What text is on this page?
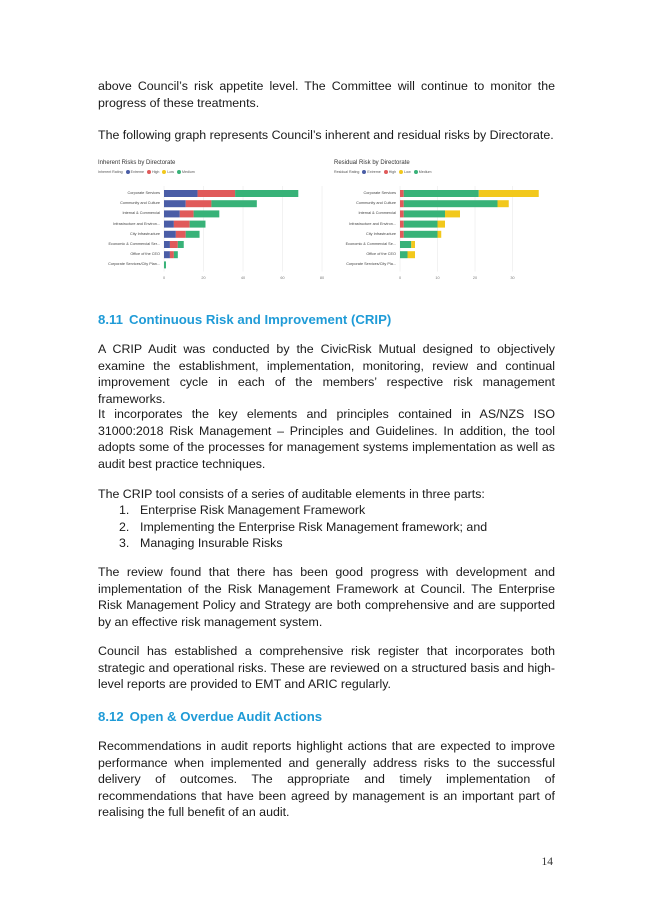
above Council’s risk appetite level. The Committee will continue to monitor the progress of these treatments.

The following graph represents Council’s inherent and residual risks by Directorate.

8.11 Continuous Risk and Improvement (CRIP)

A CRIP Audit was conducted by the CivicRisk Mutual designed to objectively examine the establishment, implementation, monitoring, review and continual improvement cycle in each of the members’ respective risk management frameworks.

It incorporates the key elements and principles contained in AS/NZS ISO 31000:2018 Risk Management – Principles and Guidelines. In addition, the tool adopts some of the processes for management systems implementation as well as audit best practice techniques.

The CRIP tool consists of a series of auditable elements in three parts:

1. Enterprise Risk Management Framework
2. Implementing the Enterprise Risk Management framework; and
3. Managing Insurable Risks

The review found that there has been good progress with development and implementation of the Risk Management Framework at Council. The Enterprise Risk Management Policy and Strategy are both comprehensive and are supported by an effective risk management system.

Council has established a comprehensive risk register that incorporates both strategic and operational risks. These are reviewed on a structured basis and high-level reports are provided to EMT and ARIC regularly.

8.12 Open & Overdue Audit Actions

Recommendations in audit reports highlight actions that are expected to improve performance when implemented and generally address risks to the successful delivery of outcomes. The appropriate and timely implementation of recommendations that have been agreed by management is an important part of realising the full benefit of an audit.

Inherent Risks by Directorate
Inherent Rating Extreme High Low Medium
0	20	40	60	80
Corporate Services
Community and Culture
Internal & Commercial
Infrastructure and Environ...
City Infrastructure
Economic & Commercial Ser...
Office of the CEO
Corporate Services/City Plan...
Residual Risk by Directorate
Residual Rating Extreme High Low Medium
0	10	20	30
Corporate Services
Community and Culture
Internal & Commercial
Infrastructure and Environ...
City Infrastructure
Economic & Commercial Se...
Office of the CEO
Corporate Services/City Pla...
14
